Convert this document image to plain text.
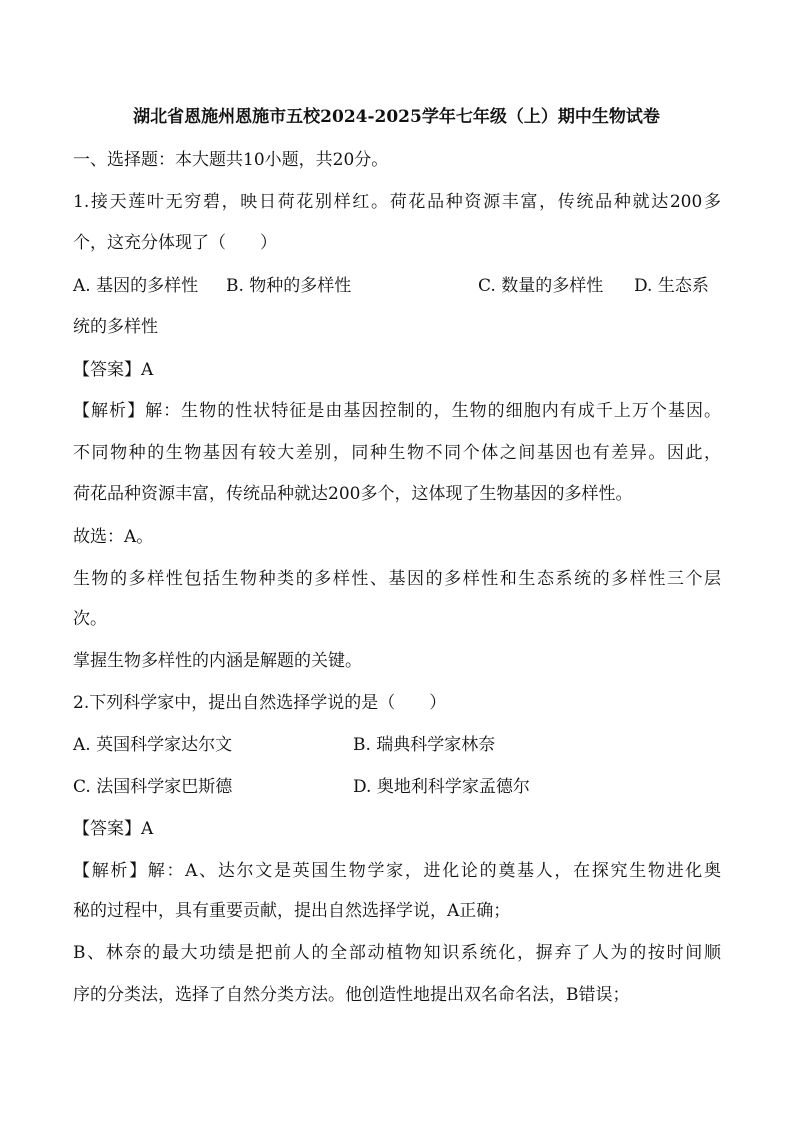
湖北省恩施州恩施市五校2024-2025学年七年级（上）期中生物试卷
一、选择题：本大题共10小题，共20分。
1.接天莲叶无穷碧，映日荷花别样红。荷花品种资源丰富，传统品种就达200多
个，这充分体现了（　　）
A. 基因的多样性 B. 物种的多样性	C. 数量的多样性 D. 生态系
统的多样性
【答案】A
【解析】解：生物的性状特征是由基因控制的，生物的细胞内有成千上万个基因。
不同物种的生物基因有较大差别，同种生物不同个体之间基因也有差异。因此，
荷花品种资源丰富，传统品种就达200多个，这体现了生物基因的多样性。
故选：A。
生物的多样性包括生物种类的多样性、基因的多样性和生态系统的多样性三个层
次。
掌握生物多样性的内涵是解题的关键。
2.下列科学家中，提出自然选择学说的是（　　）
A. 英国科学家达尔文	B. 瑞典科学家林奈
C. 法国科学家巴斯德	D. 奥地利科学家孟德尔
【答案】A
【解析】解：A、达尔文是英国生物学家，进化论的奠基人，在探究生物进化奥
秘的过程中，具有重要贡献，提出自然选择学说，A正确；
B、林奈的最大功绩是把前人的全部动植物知识系统化，摒弃了人为的按时间顺
序的分类法，选择了自然分类方法。他创造性地提出双名命名法，B错误；
